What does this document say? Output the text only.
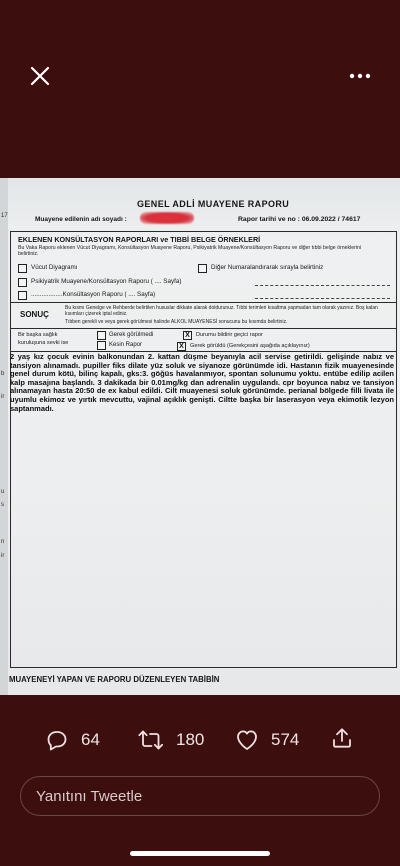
17
b
ir
u
s
n
ir
GENEL ADLİ MUAYENE RAPORU
Muayene edilenin adı soyadı :	Rapor tarihi ve no : 06.09.2022 / 74617
EKLENEN KONSÜLTASYON RAPORLARI ve TIBBİ BELGE ÖRNEKLERİ
Bu Vaka Raporu eklenen Vücut Diyagramı, Konsültasyon Muayene Raporu, Psikiyatrik Muayene/Konsültasyon Raporu ve diğer tıbbi belge örneklerini belirtiniz.
Vücut Diyagramı	Diğer Numaralandırarak sırayla belirtiniz
Psikiyatrik Muayene/Konsültasyon Raporu ( .... Sayfa)
..................Konsültasyon Raporu ( .... Sayfa)
SONUÇ
Bu kısmı Genelge ve Rehberde belirtilen hususlar dikkate alarak doldurunuz. Tıbbi terimleri kısaltma yapmadan tam olarak yazınız. Boş kalan kısımları çizerek iptal ediniz.
Tıbben gerekli ve veya gerek görülmesi halinde ALKOL MUAYENESİ sonucunu bu kısımda belirtiniz.
Bir başka sağlık
kuruluşuna sevki ise
Gerek görülmedi X	Durumu bildirir geçici rapor
Kesin Rapor X	Gerek görüldü (Gerekçesini aşağıda açıklayınız)
2 yaş kız çocuk evinin balkonundan 2. kattan düşme beyanıyla acil servise getirildi. gelişinde nabız ve tansiyon alınamadı. pupiller fiks dilate yüz soluk ve siyanoze görünümde idi. Hastanın fizik muayenesinde genel durum kötü, bilinç kapalı, gks:3. göğüs havalanmıyor, spontan solunumu yoktu. entübe edilip acilen kalp masajına başlandı. 3 dakikada bir 0.01mg/kg dan adrenalin uygulandı. cpr boyunca nabız ve tansiyon alınamayan hasta 20:50 de ex kabul edildi. Cilt muayenesi soluk görünümde. perianal bölgede filli livata ile uyumlu ekimoz ve yırtık mevcuttu, vajinal açıklık genişti. Ciltte başka bir laserasyon veya ekimotik lezyon saptanmadı.
MUAYENEYİ YAPAN VE RAPORU DÜZENLEYEN TABİBİN
64	180	574
Yanıtını Tweetle
